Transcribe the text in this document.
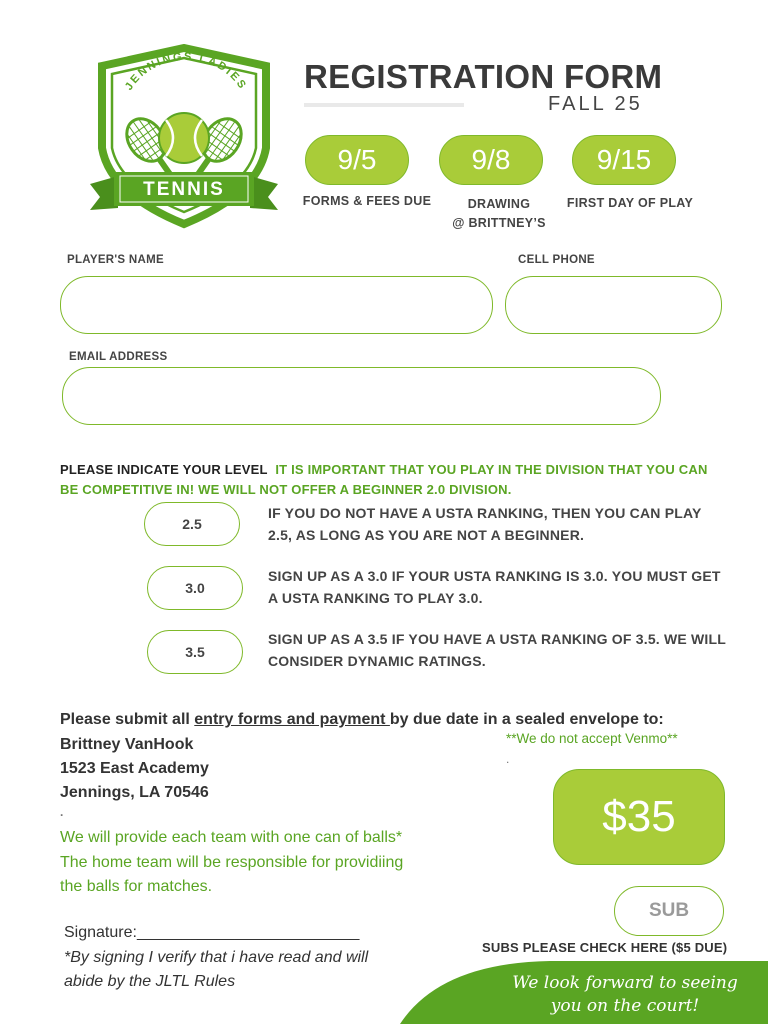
JENNINGS LADIES
TENNIS
REGISTRATION FORM
FALL 25
9/5
FORMS & FEES DUE
9/8
DRAWING
@ BRITTNEY’S
9/15
FIRST DAY OF PLAY
PLAYER'S NAME	CELL PHONE
EMAIL ADDRESS
PLEASE INDICATE YOUR LEVEL IT IS IMPORTANT THAT YOU PLAY IN THE DIVISION THAT YOU CAN BE COMPETITIVE IN! WE WILL NOT OFFER A BEGINNER 2.0 DIVISION.
2.5
IF YOU DO NOT HAVE A USTA RANKING, THEN YOU CAN PLAY 2.5, AS LONG AS YOU ARE NOT A BEGINNER.
3.0
SIGN UP AS A 3.0 IF YOUR USTA RANKING IS 3.0. YOU MUST GET A USTA RANKING TO PLAY 3.0.
3.5
SIGN UP AS A 3.5 IF YOU HAVE A USTA RANKING OF 3.5. WE WILL CONSIDER DYNAMIC RATINGS.
Please submit all entry forms and payment by due date in a sealed envelope to:
Brittney VanHook
1523 East Academy
Jennings, LA 70546
.
**We do not accept Venmo**
.
We will provide each team with one can of balls*
The home team will be responsible for providiing
the balls for matches.
$35
SUB
SUBS PLEASE CHECK HERE ($5 DUE)
Signature:_________________________
*By signing I verify that i have read and will
abide by the JLTL Rules	We look forward to seeing
you on the court!
